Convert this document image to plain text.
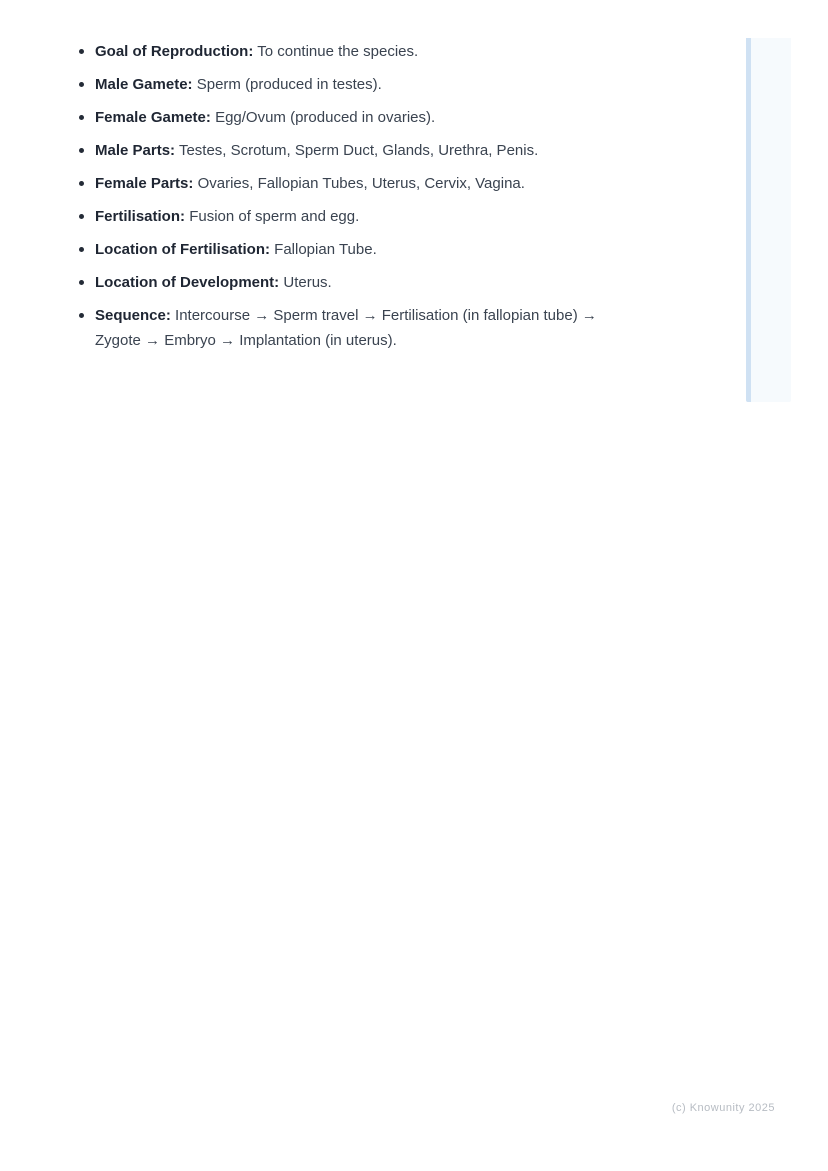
Goal of Reproduction: To continue the species.
Male Gamete: Sperm (produced in testes).
Female Gamete: Egg/Ovum (produced in ovaries).
Male Parts: Testes, Scrotum, Sperm Duct, Glands, Urethra, Penis.
Female Parts: Ovaries, Fallopian Tubes, Uterus, Cervix, Vagina.
Fertilisation: Fusion of sperm and egg.
Location of Fertilisation: Fallopian Tube.
Location of Development: Uterus.
Sequence: Intercourse → Sperm travel → Fertilisation (in fallopian tube) → Zygote → Embryo → Implantation (in uterus).
(c) Knowunity 2025
